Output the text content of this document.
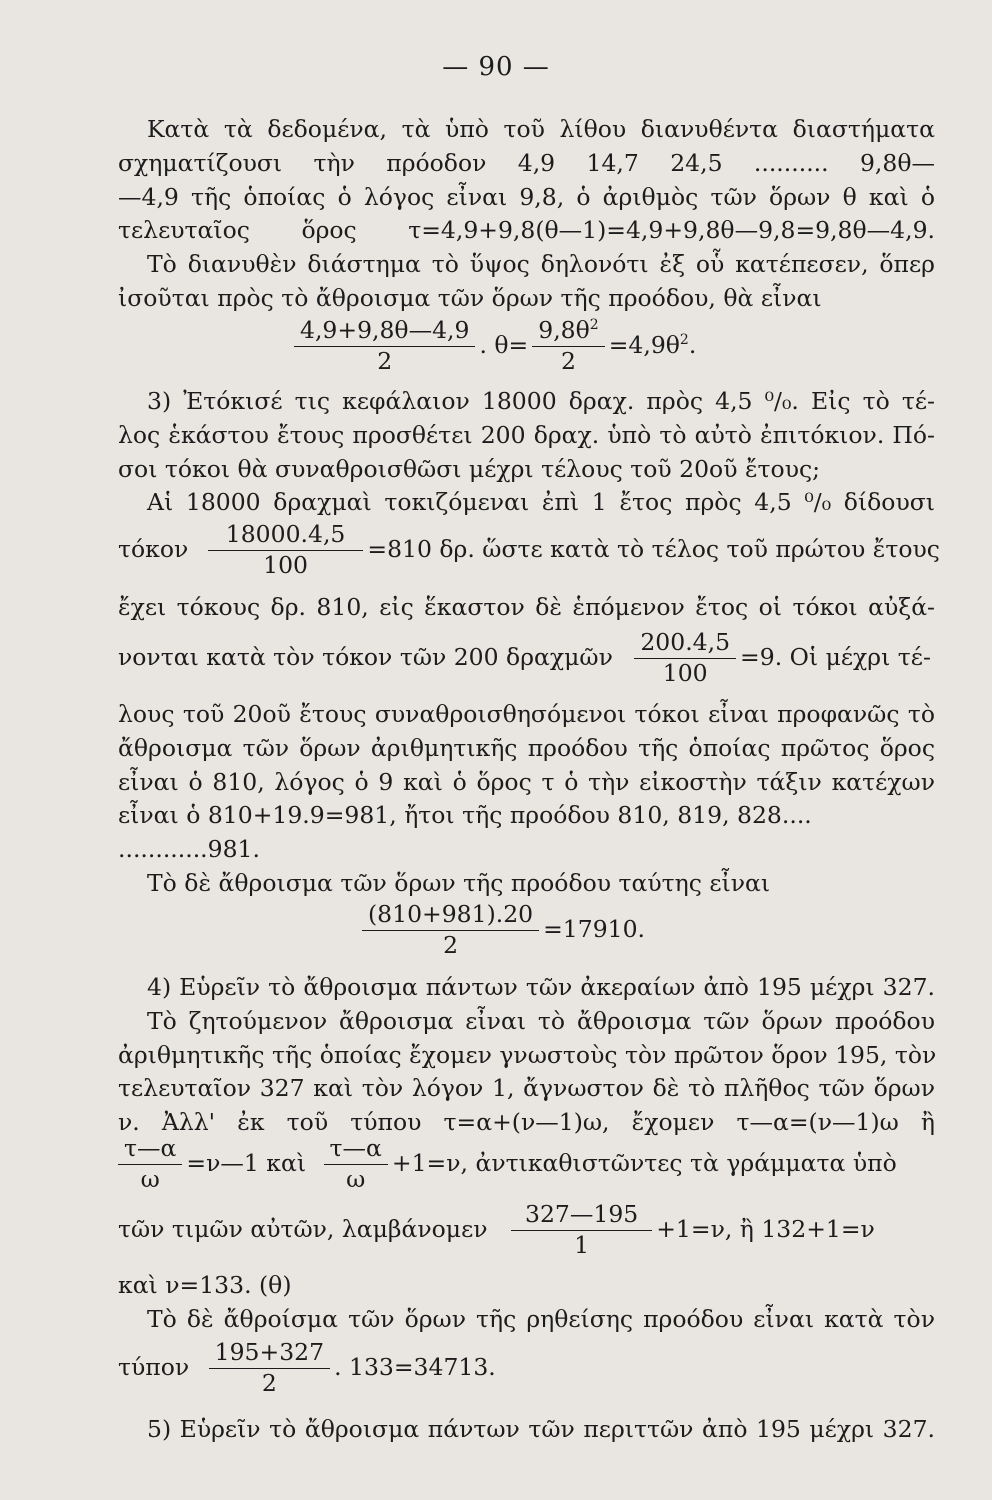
— 90 —
Κατὰ τὰ δεδομένα, τὰ ὑπὸ τοῦ λίθου διανυθέντα διαστήματα
σχηματίζουσι τὴν πρόοδον 4,9 14,7 24,5 .......... 9,8θ—
—4,9 τῆς ὁποίας ὁ λόγος εἶναι 9,8, ὁ ἀριθμὸς τῶν ὅρων θ καὶ ὁ
τελευταῖος ὅρος τ=4,9+9,8(θ—1)=4,9+9,8θ—9,8=9,8θ—4,9.
Τὸ διανυθὲν διάστημα τὸ ὕψος δηλονότι ἐξ οὗ κατέπεσεν, ὅπερ
ἰσοῦται πρὸς τὸ ἄθροισμα τῶν ὅρων τῆς προόδου, θὰ εἶναι
$\frac{4,9+9,8\theta—4,9}{2}$ . $\theta= \frac{9,8\theta^2}{2} =4,9\theta^2$.
3) Ἐτόκισέ τις κεφάλαιον 18000 δραχ. πρὸς 4,5 ⁰/₀. Εἰς τὸ τέ-
λος ἑκάστου ἔτους προσθέτει 200 δραχ. ὑπὸ τὸ αὐτὸ ἐπιτόκιον. Πό-
σοι τόκοι θὰ συναθροισθῶσι μέχρι τέλους τοῦ 20οῦ ἔτους;
Αἱ 18000 δραχμαὶ τοκιζόμεναι ἐπὶ 1 ἔτος πρὸς 4,5 ⁰/₀ δίδουσι
τόκον $\frac{18000.4,5}{100} =810$ δρ. ὥστε κατὰ τὸ τέλος τοῦ πρώτου ἔτους
ἔχει τόκους δρ. 810, εἰς ἕκαστον δὲ ἑπόμενον ἔτος οἱ τόκοι αὐξά-
νονται κατὰ τὸν τόκον τῶν 200 δραχμῶν $\frac{200.4,5}{100} =9$. Οἱ μέχρι τέ-
λους τοῦ 20οῦ ἔτους συναθροισθησόμενοι τόκοι εἶναι προφανῶς τὸ
ἄθροισμα τῶν ὅρων ἀριθμητικῆς προόδου τῆς ὁποίας πρῶτος ὅρος
εἶναι ὁ 810, λόγος ὁ 9 καὶ ὁ ὅρος τ ὁ τὴν εἰκοστὴν τάξιν κατέχων
εἶναι ὁ 810+19.9=981, ἤτοι τῆς προόδου 810, 819, 828....
............981.
Τὸ δὲ ἄθροισμα τῶν ὅρων τῆς προόδου ταύτης εἶναι
$\frac{(810+981).20}{2} =17910$.
4) Εὑρεῖν τὸ ἄθροισμα πάντων τῶν ἀκεραίων ἀπὸ 195 μέχρι 327.
Τὸ ζητούμενον ἄθροισμα εἶναι τὸ ἄθροισμα τῶν ὅρων προόδου
ἀριθμητικῆς τῆς ὁποίας ἔχομεν γνωστοὺς τὸν πρῶτον ὅρον 195, τὸν
τελευταῖον 327 καὶ τὸν λόγον 1, ἄγνωστον δὲ τὸ πλῆθος τῶν ὅρων
ν. Ἀλλ' ἐκ τοῦ τύπου τ=α+(ν—1)ω, ἔχομεν τ—α=(ν—1)ω ἢ
$\frac{\tau—\alpha}{\omega}$ =ν—1 καὶ $\frac{\tau—\alpha}{\omega} +1=\nu$, ἀντικαθιστῶντες τὰ γράμματα ὑπὸ
τῶν τιμῶν αὐτῶν, λαμβάνομεν $\frac{327—195}{1} +1=\nu$, ἢ 132+1=ν
καὶ ν=133. (θ)
Τὸ δὲ ἄθροίσμα τῶν ὅρων τῆς ρηθείσης προόδου εἶναι κατὰ τὸν
τύπον $\frac{195+327}{2}$ . 133=34713.
5) Εὑρεῖν τὸ ἄθροισμα πάντων τῶν περιττῶν ἀπὸ 195 μέχρι 327.
